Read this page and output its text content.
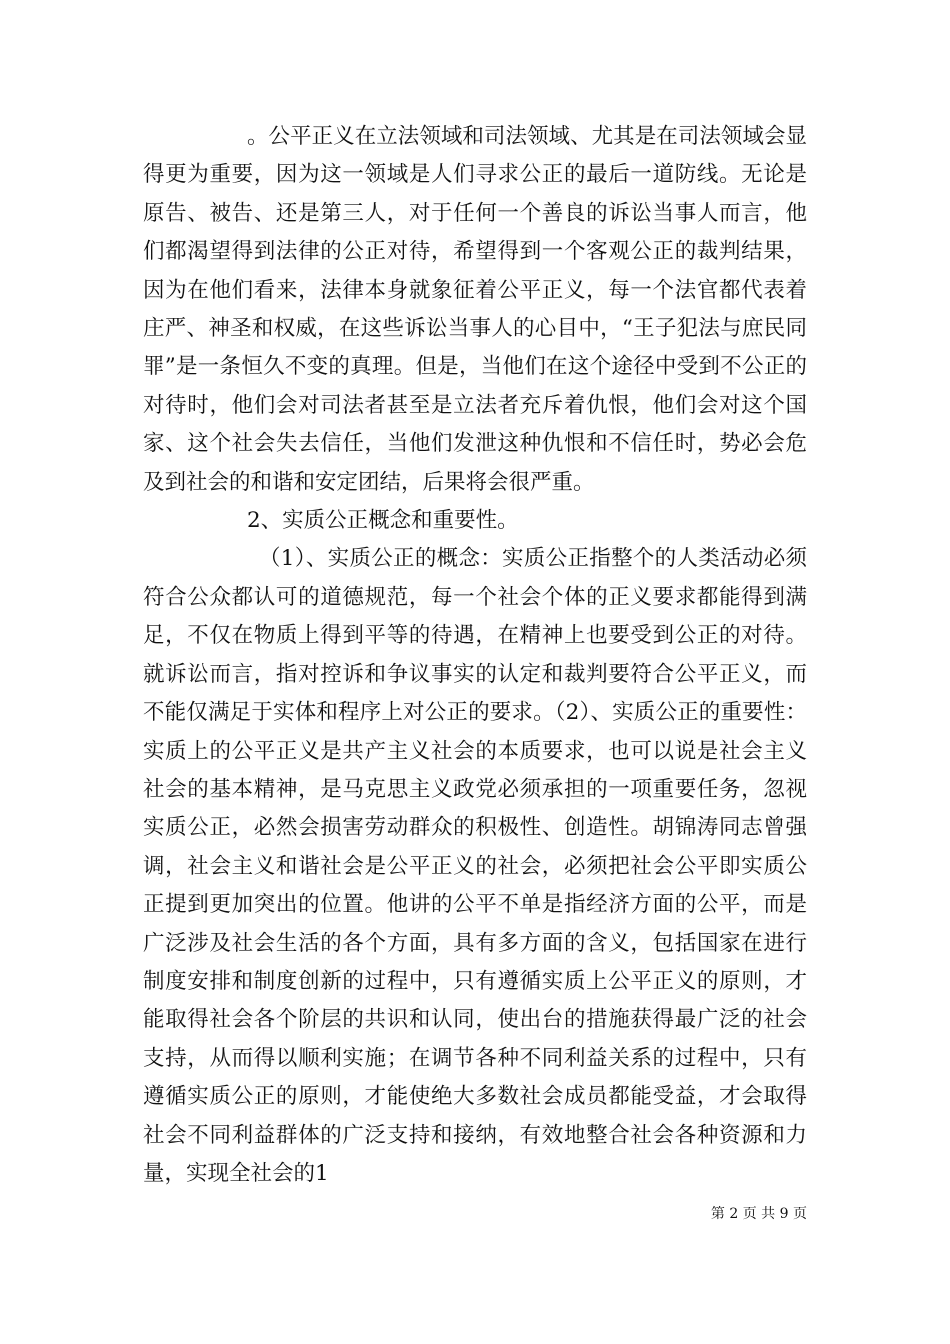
。公平正义在立法领域和司法领域、尤其是在司法领域会显得更为重要，因为这一领域是人们寻求公正的最后一道防线。无论是原告、被告、还是第三人，对于任何一个善良的诉讼当事人而言，他们都渴望得到法律的公正对待，希望得到一个客观公正的裁判结果，因为在他们看来，法律本身就象征着公平正义，每一个法官都代表着庄严、神圣和权威，在这些诉讼当事人的心目中，“王子犯法与庶民同罪”是一条恒久不变的真理。但是，当他们在这个途径中受到不公正的对待时，他们会对司法者甚至是立法者充斥着仇恨，他们会对这个国家、这个社会失去信任，当他们发泄这种仇恨和不信任时，势必会危及到社会的和谐和安定团结，后果将会很严重。

2、实质公正概念和重要性。

（1）、实质公正的概念：实质公正指整个的人类活动必须符合公众都认可的道德规范，每一个社会个体的正义要求都能得到满足，不仅在物质上得到平等的待遇，在精神上也要受到公正的对待。就诉讼而言，指对控诉和争议事实的认定和裁判要符合公平正义，而不能仅满足于实体和程序上对公正的要求。（2）、实质公正的重要性：实质上的公平正义是共产主义社会的本质要求，也可以说是社会主义社会的基本精神，是马克思主义政党必须承担的一项重要任务，忽视实质公正，必然会损害劳动群众的积极性、创造性。胡锦涛同志曾强调，社会主义和谐社会是公平正义的社会，必须把社会公平即实质公正提到更加突出的位置。他讲的公平不单是指经济方面的公平，而是广泛涉及社会生活的各个方面，具有多方面的含义，包括国家在进行制度安排和制度创新的过程中，只有遵循实质上公平正义的原则，才能取得社会各个阶层的共识和认同，使出台的措施获得最广泛的社会支持，从而得以顺利实施；在调节各种不同利益关系的过程中，只有遵循实质公正的原则，才能使绝大多数社会成员都能受益，才会取得社会不同利益群体的广泛支持和接纳，有效地整合社会各种资源和力量，实现全社会的1

第 2 页 共 9 页
